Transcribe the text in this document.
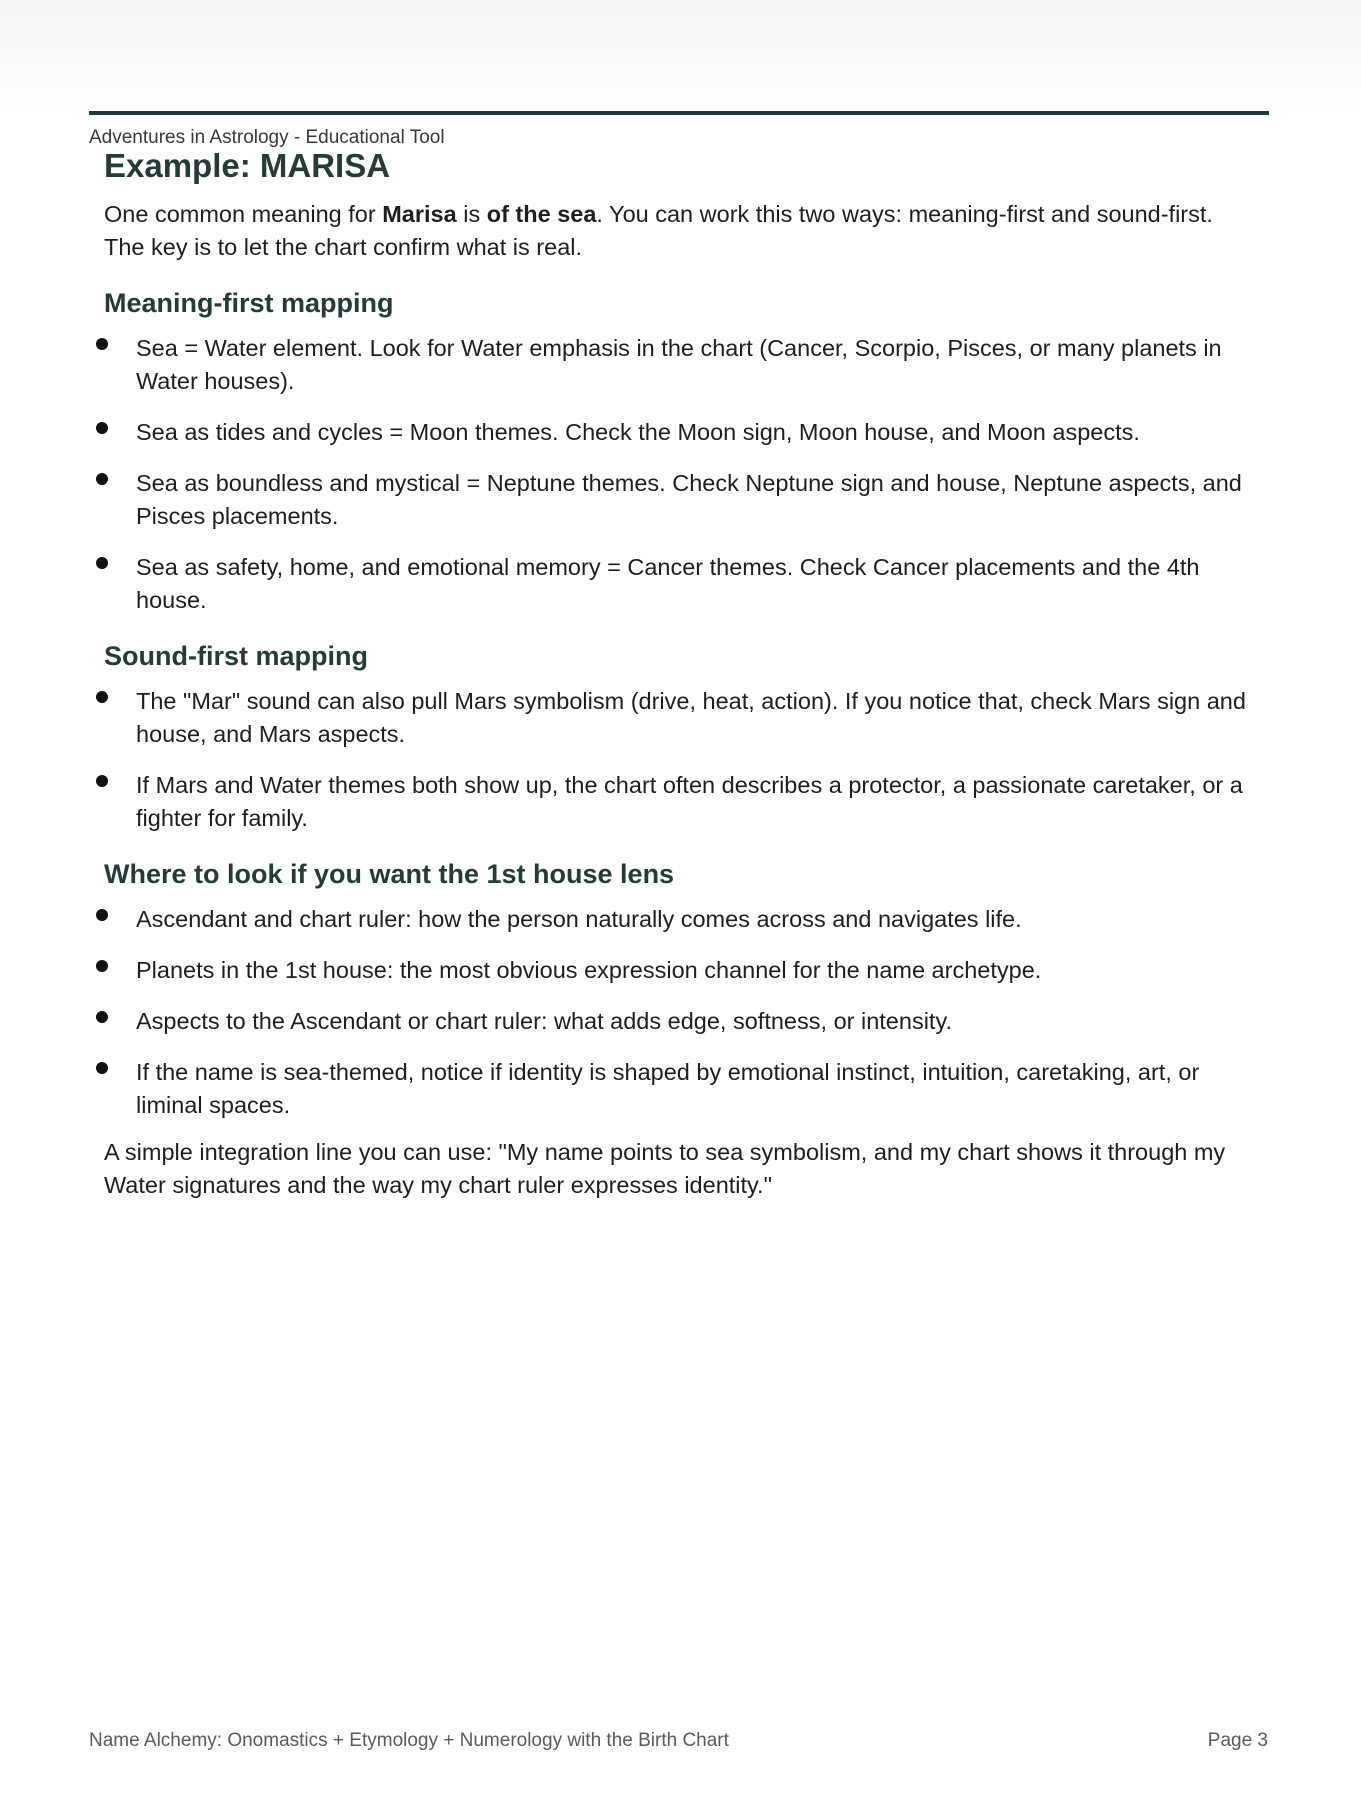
Adventures in Astrology - Educational Tool
Example: MARISA

One common meaning for Marisa is of the sea. You can work this two ways: meaning-first and sound-first. The key is to let the chart confirm what is real.

Meaning-first mapping
Sea = Water element. Look for Water emphasis in the chart (Cancer, Scorpio, Pisces, or many planets in Water houses).
Sea as tides and cycles = Moon themes. Check the Moon sign, Moon house, and Moon aspects.
Sea as boundless and mystical = Neptune themes. Check Neptune sign and house, Neptune aspects, and Pisces placements.
Sea as safety, home, and emotional memory = Cancer themes. Check Cancer placements and the 4th house.
Sound-first mapping
The "Mar" sound can also pull Mars symbolism (drive, heat, action). If you notice that, check Mars sign and house, and Mars aspects.
If Mars and Water themes both show up, the chart often describes a protector, a passionate caretaker, or a fighter for family.
Where to look if you want the 1st house lens
Ascendant and chart ruler: how the person naturally comes across and navigates life.
Planets in the 1st house: the most obvious expression channel for the name archetype.
Aspects to the Ascendant or chart ruler: what adds edge, softness, or intensity.
If the name is sea-themed, notice if identity is shaped by emotional instinct, intuition, caretaking, art, or liminal spaces.

A simple integration line you can use: "My name points to sea symbolism, and my chart shows it through my Water signatures and the way my chart ruler expresses identity."

Name Alchemy: Onomastics + Etymology + Numerology with the Birth Chart	Page 3
